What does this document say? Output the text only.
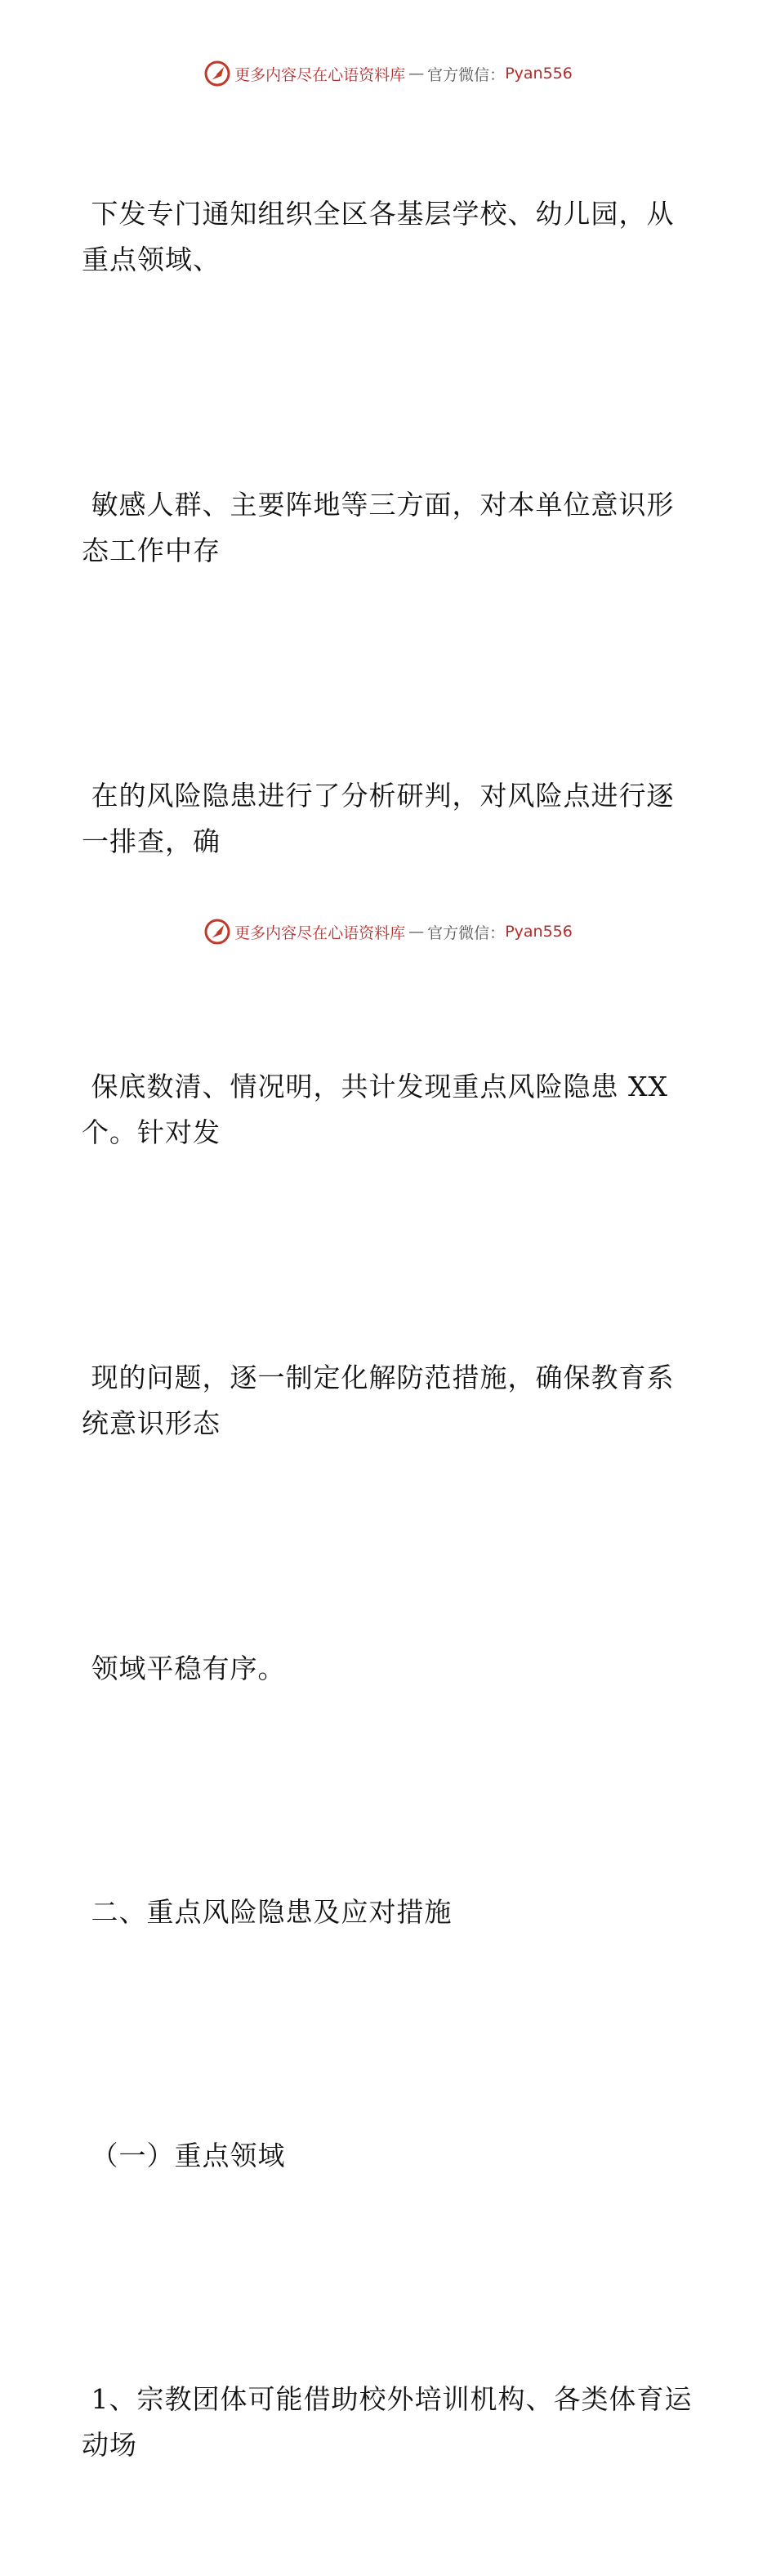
更多内容尽在心语资料库 — 官方微信： Pyan556

下发专门通知组织全区各基层学校、幼儿园，从
重点领域、

敏感人群、主要阵地等三方面，对本单位意识形
态工作中存

在的风险隐患进行了分析研判，对风险点进行逐
一排查，确

保底数清、情况明，共计发现重点风险隐患 XX
个。针对发

现的问题，逐一制定化解防范措施，确保教育系
统意识形态

领域平稳有序。

二、重点风险隐患及应对措施

（一）重点领域

1、宗教团体可能借助校外培训机构、各类体育运
动场

更多内容尽在心语资料库 — 官方微信： Pyan556
